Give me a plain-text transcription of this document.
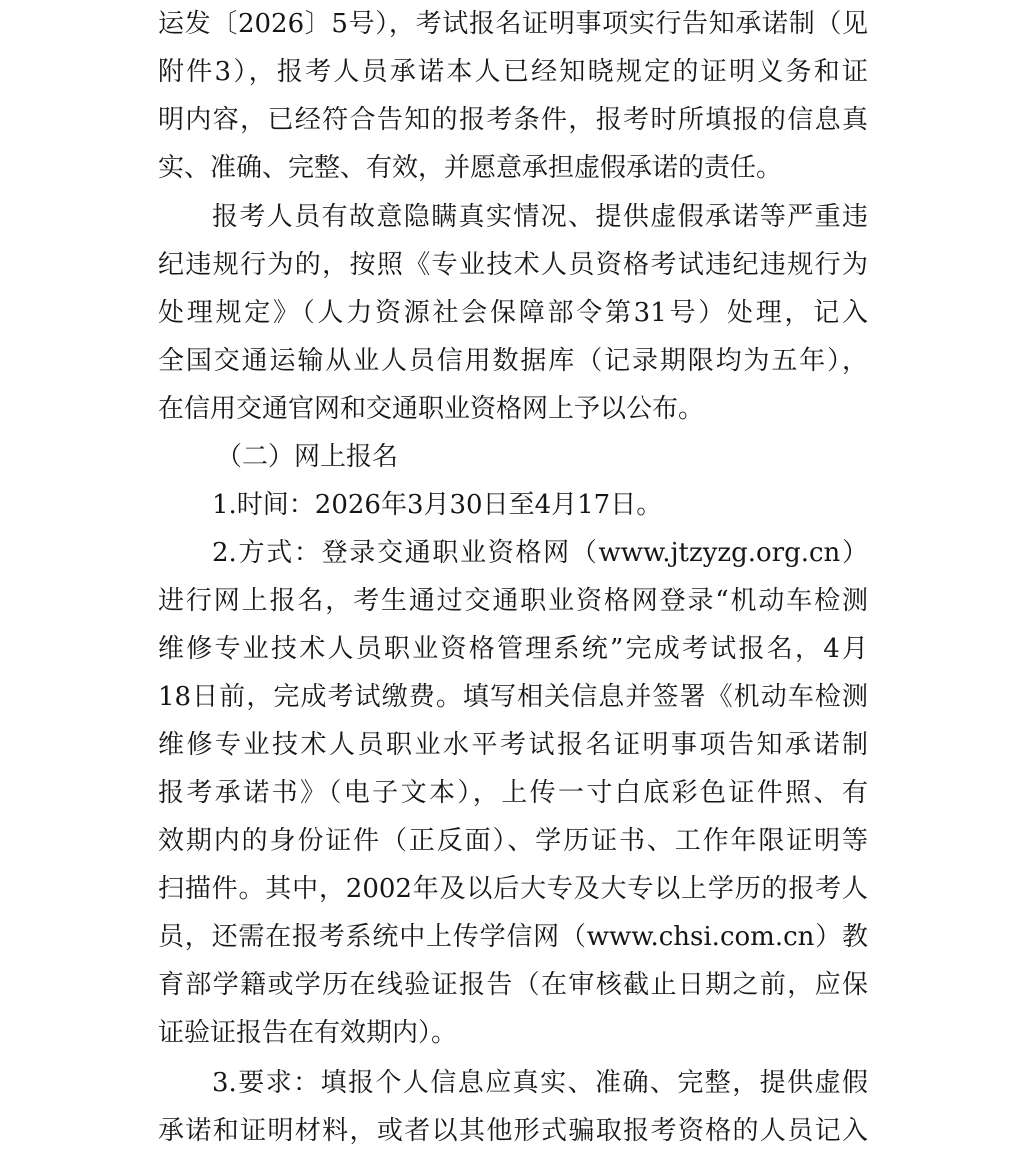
运发〔2026〕5号），考试报名证明事项实行告知承诺制（见

附件3），报考人员承诺本人已经知晓规定的证明义务和证

明内容，已经符合告知的报考条件，报考时所填报的信息真

实、准确、完整、有效，并愿意承担虚假承诺的责任。

报考人员有故意隐瞒真实情况、提供虚假承诺等严重违

纪违规行为的，按照《专业技术人员资格考试违纪违规行为

处理规定》（人力资源社会保障部令第31号）处理，记入

全国交通运输从业人员信用数据库（记录期限均为五年），

在信用交通官网和交通职业资格网上予以公布。

（二）网上报名

1.时间：2026年3月30日至4月17日。

2.方式：登录交通职业资格网（www.jtzyzg.org.cn）

进行网上报名，考生通过交通职业资格网登录“机动车检测

维修专业技术人员职业资格管理系统”完成考试报名，4月

18日前，完成考试缴费。填写相关信息并签署《机动车检测

维修专业技术人员职业水平考试报名证明事项告知承诺制

报考承诺书》（电子文本），上传一寸白底彩色证件照、有

效期内的身份证件（正反面）、学历证书、工作年限证明等

扫描件。其中，2002年及以后大专及大专以上学历的报考人

员，还需在报考系统中上传学信网（www.chsi.com.cn）教

育部学籍或学历在线验证报告（在审核截止日期之前，应保

证验证报告在有效期内）。

3.要求：填报个人信息应真实、准确、完整，提供虚假

承诺和证明材料，或者以其他形式骗取报考资格的人员记入
